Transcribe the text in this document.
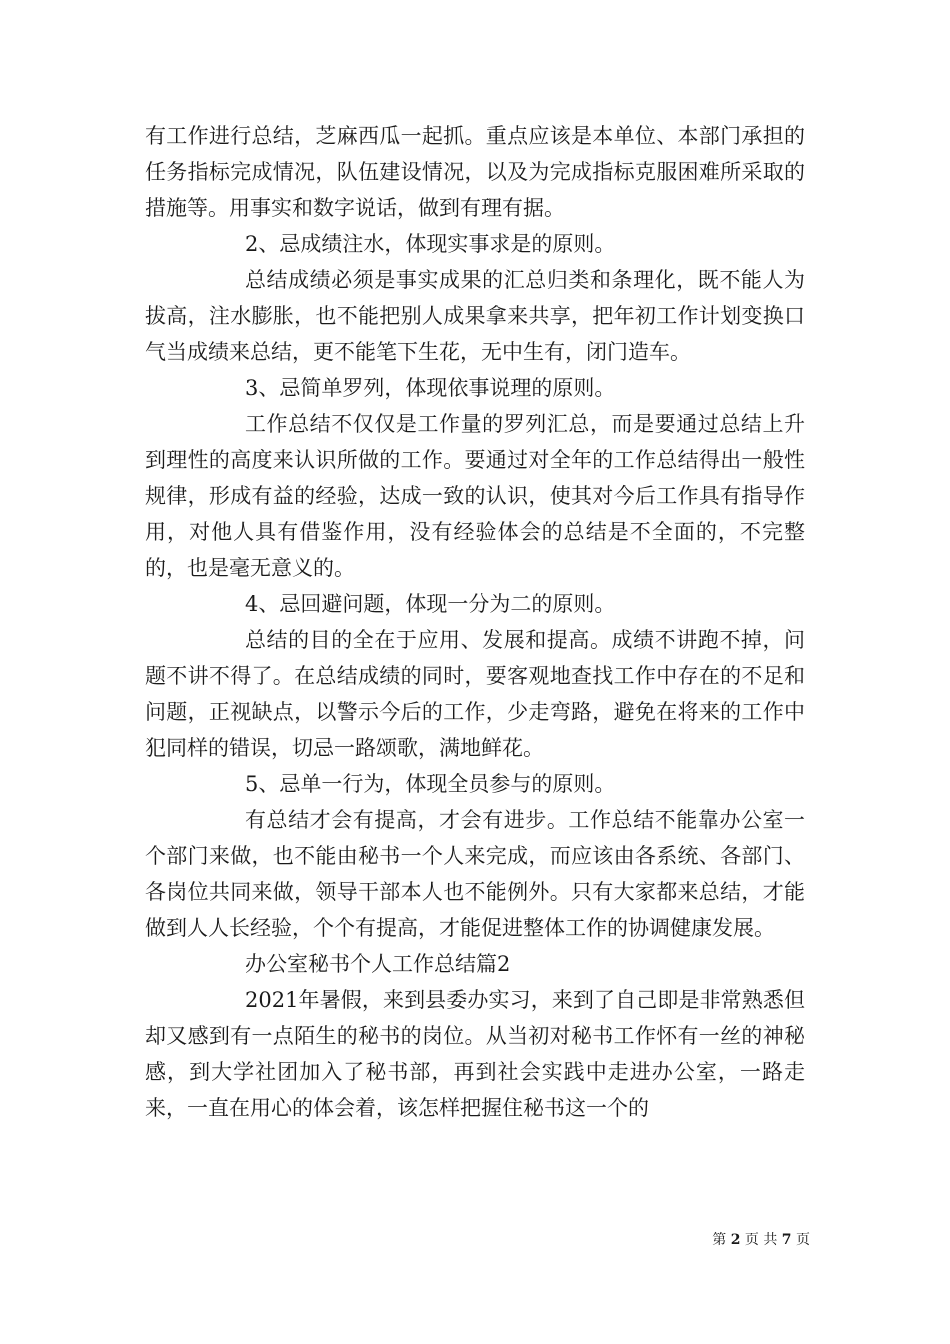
有工作进行总结，芝麻西瓜一起抓。重点应该是本单位、本部门承担的任务指标完成情况，队伍建设情况，以及为完成指标克服困难所采取的措施等。用事实和数字说话，做到有理有据。

2、忌成绩注水，体现实事求是的原则。

总结成绩必须是事实成果的汇总归类和条理化，既不能人为拔高，注水膨胀，也不能把别人成果拿来共享，把年初工作计划变换口气当成绩来总结，更不能笔下生花，无中生有，闭门造车。

3、忌简单罗列，体现依事说理的原则。

工作总结不仅仅是工作量的罗列汇总，而是要通过总结上升到理性的高度来认识所做的工作。要通过对全年的工作总结得出一般性规律，形成有益的经验，达成一致的认识，使其对今后工作具有指导作用，对他人具有借鉴作用，没有经验体会的总结是不全面的，不完整的，也是毫无意义的。

4、忌回避问题，体现一分为二的原则。

总结的目的全在于应用、发展和提高。成绩不讲跑不掉，问题不讲不得了。在总结成绩的同时，要客观地查找工作中存在的不足和问题，正视缺点，以警示今后的工作，少走弯路，避免在将来的工作中犯同样的错误，切忌一路颂歌，满地鲜花。

5、忌单一行为，体现全员参与的原则。

有总结才会有提高，才会有进步。工作总结不能靠办公室一个部门来做，也不能由秘书一个人来完成，而应该由各系统、各部门、各岗位共同来做，领导干部本人也不能例外。只有大家都来总结，才能做到人人长经验，个个有提高，才能促进整体工作的协调健康发展。

办公室秘书个人工作总结篇2

2021年暑假，来到县委办实习，来到了自己即是非常熟悉但却又感到有一点陌生的秘书的岗位。从当初对秘书工作怀有一丝的神秘感，到大学社团加入了秘书部，再到社会实践中走进办公室，一路走来，一直在用心的体会着，该怎样把握住秘书这一个的

第 2 页 共 7 页
